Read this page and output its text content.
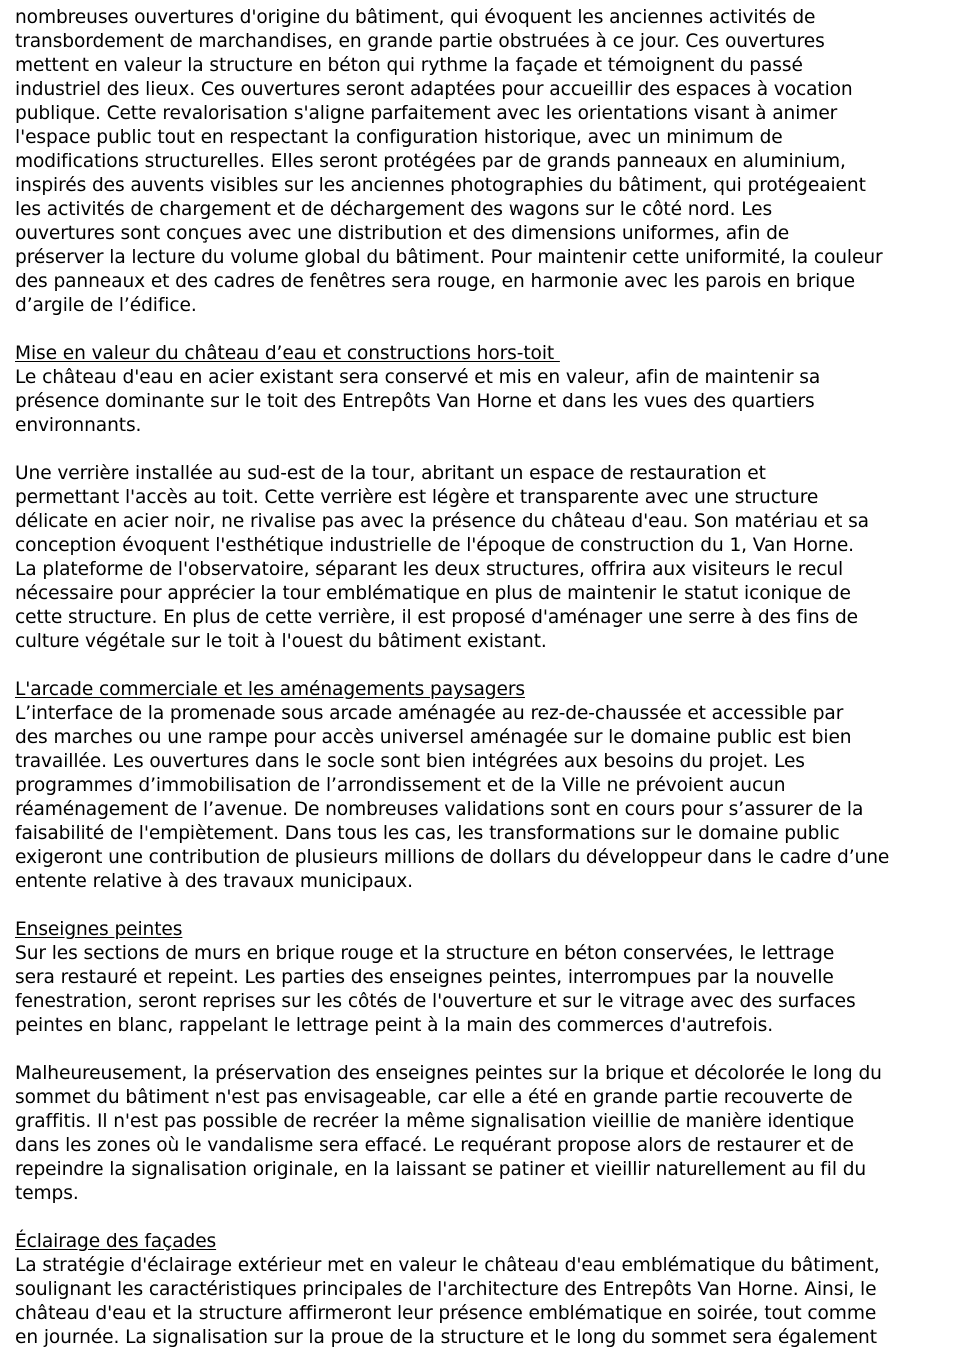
nombreuses ouvertures d'origine du bâtiment, qui évoquent les anciennes activités de
transbordement de marchandises, en grande partie obstruées à ce jour. Ces ouvertures
mettent en valeur la structure en béton qui rythme la façade et témoignent du passé
industriel des lieux. Ces ouvertures seront adaptées pour accueillir des espaces à vocation
publique. Cette revalorisation s'aligne parfaitement avec les orientations visant à animer
l'espace public tout en respectant la configuration historique, avec un minimum de
modifications structurelles. Elles seront protégées par de grands panneaux en aluminium,
inspirés des auvents visibles sur les anciennes photographies du bâtiment, qui protégeaient
les activités de chargement et de déchargement des wagons sur le côté nord. Les
ouvertures sont conçues avec une distribution et des dimensions uniformes, afin de
préserver la lecture du volume global du bâtiment. Pour maintenir cette uniformité, la couleur
des panneaux et des cadres de fenêtres sera rouge, en harmonie avec les parois en brique
d’argile de l’édifice.

Mise en valeur du château d’eau et constructions hors-toit

Le château d'eau en acier existant sera conservé et mis en valeur, afin de maintenir sa
présence dominante sur le toit des Entrepôts Van Horne et dans les vues des quartiers
environnants.

Une verrière installée au sud-est de la tour, abritant un espace de restauration et
permettant l'accès au toit. Cette verrière est légère et transparente avec une structure
délicate en acier noir, ne rivalise pas avec la présence du château d'eau. Son matériau et sa
conception évoquent l'esthétique industrielle de l'époque de construction du 1, Van Horne.
La plateforme de l'observatoire, séparant les deux structures, offrira aux visiteurs le recul
nécessaire pour apprécier la tour emblématique en plus de maintenir le statut iconique de
cette structure. En plus de cette verrière, il est proposé d'aménager une serre à des fins de
culture végétale sur le toit à l'ouest du bâtiment existant.

L'arcade commerciale et les aménagements paysagers

L’interface de la promenade sous arcade aménagée au rez-de-chaussée et accessible par
des marches ou une rampe pour accès universel aménagée sur le domaine public est bien
travaillée. Les ouvertures dans le socle sont bien intégrées aux besoins du projet. Les
programmes d’immobilisation de l’arrondissement et de la Ville ne prévoient aucun
réaménagement de l’avenue. De nombreuses validations sont en cours pour s’assurer de la
faisabilité de l'empiètement. Dans tous les cas, les transformations sur le domaine public
exigeront une contribution de plusieurs millions de dollars du développeur dans le cadre d’une
entente relative à des travaux municipaux.

Enseignes peintes

Sur les sections de murs en brique rouge et la structure en béton conservées, le lettrage
sera restauré et repeint. Les parties des enseignes peintes, interrompues par la nouvelle
fenestration, seront reprises sur les côtés de l'ouverture et sur le vitrage avec des surfaces
peintes en blanc, rappelant le lettrage peint à la main des commerces d'autrefois.

Malheureusement, la préservation des enseignes peintes sur la brique et décolorée le long du
sommet du bâtiment n'est pas envisageable, car elle a été en grande partie recouverte de
graffitis. Il n'est pas possible de recréer la même signalisation vieillie de manière identique
dans les zones où le vandalisme sera effacé. Le requérant propose alors de restaurer et de
repeindre la signalisation originale, en la laissant se patiner et vieillir naturellement au fil du
temps.

Éclairage des façades

La stratégie d'éclairage extérieur met en valeur le château d'eau emblématique du bâtiment,
soulignant les caractéristiques principales de l'architecture des Entrepôts Van Horne. Ainsi, le
château d'eau et la structure affirmeront leur présence emblématique en soirée, tout comme
en journée. La signalisation sur la proue de la structure et le long du sommet sera également
